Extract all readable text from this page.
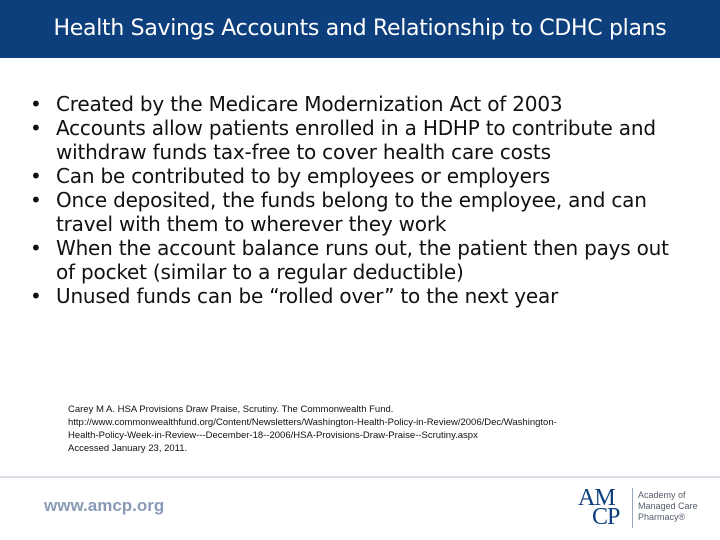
Health Savings Accounts and Relationship to CDHC plans
• Created by the Medicare Modernization Act of 2003
• Accounts allow patients enrolled in a HDHP to contribute and withdraw funds tax-free to cover health care costs
• Can be contributed to by employees or employers
• Once deposited, the funds belong to the employee, and can travel with them to wherever they work
• When the account balance runs out, the patient then pays out of pocket (similar to a regular deductible)
• Unused funds can be “rolled over” to the next year
Carey M A. HSA Provisions Draw Praise, Scrutiny. The Commonwealth Fund.
http://www.commonwealthfund.org/Content/Newsletters/Washington-Health-Policy-in-Review/2006/Dec/Washington-
Health-Policy-Week-in-Review---December-18--2006/HSA-Provisions-Draw-Praise--Scrutiny.aspx
Accessed January 23, 2011.
www.amcp.org	AM
CP
Academy of
Managed Care
Pharmacy®
